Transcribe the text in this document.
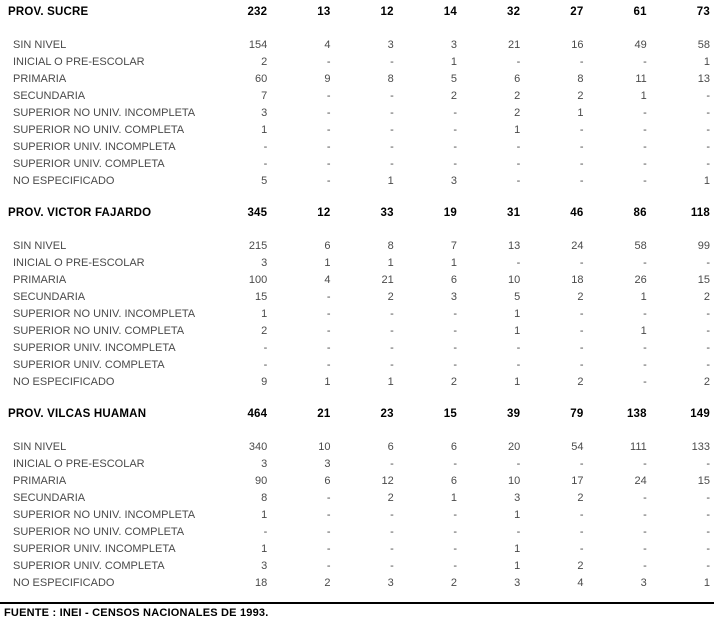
PROV. SUCRE	232	13	12	14	32	27	61	73
SIN NIVEL	154	4	3	3	21	16	49	58
INICIAL O PRE-ESCOLAR	2	-	-	1	-	-	-	1
PRIMARIA	60	9	8	5	6	8	11	13
SECUNDARIA	7	-	-	2	2	2	1	-
SUPERIOR NO UNIV. INCOMPLETA	3	-	-	-	2	1	-	-
SUPERIOR NO UNIV. COMPLETA	1	-	-	-	1	-	-	-
SUPERIOR UNIV. INCOMPLETA	-	-	-	-	-	-	-	-
SUPERIOR UNIV. COMPLETA	-	-	-	-	-	-	-	-
NO ESPECIFICADO	5	-	1	3	-	-	-	1
PROV. VICTOR FAJARDO	345	12	33	19	31	46	86	118
SIN NIVEL	215	6	8	7	13	24	58	99
INICIAL O PRE-ESCOLAR	3	1	1	1	-	-	-	-
PRIMARIA	100	4	21	6	10	18	26	15
SECUNDARIA	15	-	2	3	5	2	1	2
SUPERIOR NO UNIV. INCOMPLETA	1	-	-	-	1	-	-	-
SUPERIOR NO UNIV. COMPLETA	2	-	-	-	1	-	1	-
SUPERIOR UNIV. INCOMPLETA	-	-	-	-	-	-	-	-
SUPERIOR UNIV. COMPLETA	-	-	-	-	-	-	-	-
NO ESPECIFICADO	9	1	1	2	1	2	-	2
PROV. VILCAS HUAMAN	464	21	23	15	39	79	138	149
SIN NIVEL	340	10	6	6	20	54	111	133
INICIAL O PRE-ESCOLAR	3	3	-	-	-	-	-	-
PRIMARIA	90	6	12	6	10	17	24	15
SECUNDARIA	8	-	2	1	3	2	-	-
SUPERIOR NO UNIV. INCOMPLETA	1	-	-	-	1	-	-	-
SUPERIOR NO UNIV. COMPLETA	-	-	-	-	-	-	-	-
SUPERIOR UNIV. INCOMPLETA	1	-	-	-	1	-	-	-
SUPERIOR UNIV. COMPLETA	3	-	-	-	1	2	-	-
NO ESPECIFICADO	18	2	3	2	3	4	3	1
FUENTE : INEI - CENSOS NACIONALES DE 1993.
